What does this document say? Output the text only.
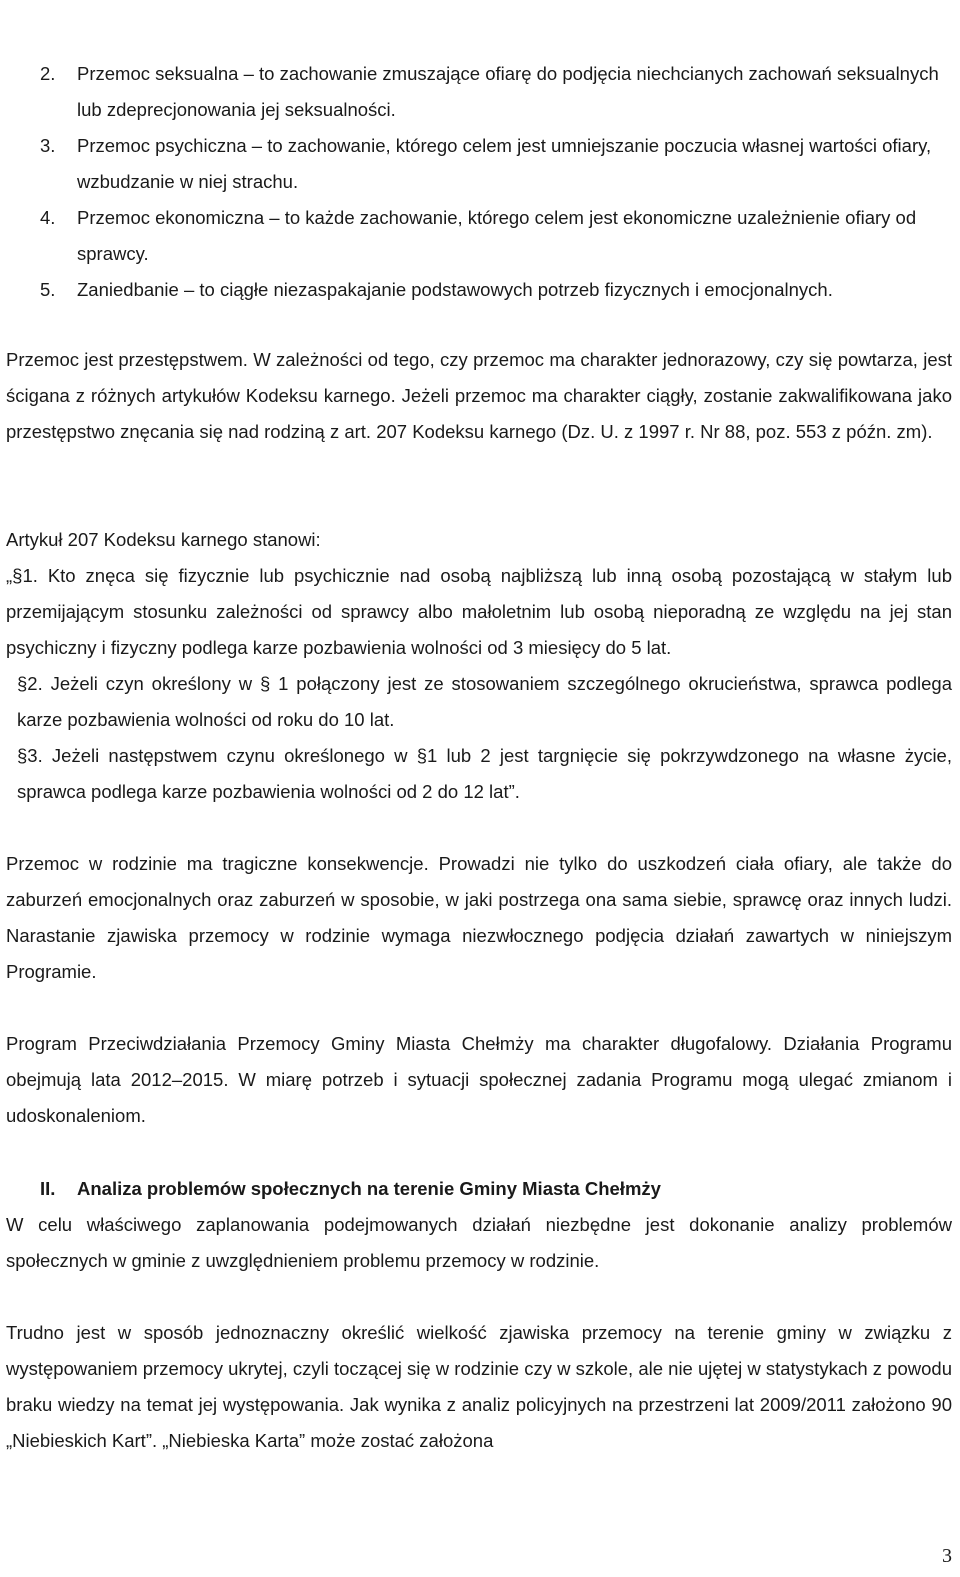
2. Przemoc seksualna – to zachowanie zmuszające ofiarę do podjęcia niechcianych zachowań seksualnych lub zdeprecjonowania jej seksualności.
3. Przemoc psychiczna – to zachowanie, którego celem jest umniejszanie poczucia własnej wartości ofiary, wzbudzanie w niej strachu.
4. Przemoc ekonomiczna – to każde zachowanie, którego celem jest ekonomiczne uzależnienie ofiary od sprawcy.
5. Zaniedbanie – to ciągłe niezaspakajanie podstawowych potrzeb fizycznych i emocjonalnych.

Przemoc jest przestępstwem. W zależności od tego, czy przemoc ma charakter jednorazowy, czy się powtarza, jest ścigana z różnych artykułów Kodeksu karnego. Jeżeli przemoc ma charakter ciągły, zostanie zakwalifikowana jako przestępstwo znęcania się nad rodziną z art. 207 Kodeksu karnego (Dz. U. z 1997 r. Nr 88, poz. 553 z późn. zm).

Artykuł 207 Kodeksu karnego stanowi:

„§1. Kto znęca się fizycznie lub psychicznie nad osobą najbliższą lub inną osobą pozostającą w stałym lub przemijającym stosunku zależności od sprawcy albo małoletnim lub osobą nieporadną ze względu na jej stan psychiczny i fizyczny podlega karze pozbawienia wolności od 3 miesięcy do 5 lat.
§2. Jeżeli czyn określony w § 1 połączony jest ze stosowaniem szczególnego okrucieństwa, sprawca podlega karze pozbawienia wolności od roku do 10 lat.
§3. Jeżeli następstwem czynu określonego w §1 lub 2 jest targnięcie się pokrzywdzonego na własne życie, sprawca podlega karze pozbawienia wolności od 2 do 12 lat”.

Przemoc w rodzinie ma tragiczne konsekwencje. Prowadzi nie tylko do uszkodzeń ciała ofiary, ale także do zaburzeń emocjonalnych oraz zaburzeń w sposobie, w jaki postrzega ona sama siebie, sprawcę oraz innych ludzi. Narastanie zjawiska przemocy w rodzinie wymaga niezwłocznego podjęcia działań zawartych w niniejszym Programie.

Program Przeciwdziałania Przemocy Gminy Miasta Chełmży ma charakter długofalowy. Działania Programu obejmują lata 2012–2015. W miarę potrzeb i sytuacji społecznej zadania Programu mogą ulegać zmianom i udoskonaleniom.

II. Analiza problemów społecznych na terenie Gminy Miasta Chełmży

W celu właściwego zaplanowania podejmowanych działań niezbędne jest dokonanie analizy problemów społecznych w gminie z uwzględnieniem problemu przemocy w rodzinie.

Trudno jest w sposób jednoznaczny określić wielkość zjawiska przemocy na terenie gminy w związku z występowaniem przemocy ukrytej, czyli toczącej się w rodzinie czy w szkole, ale nie ujętej w statystykach z powodu braku wiedzy na temat jej występowania. Jak wynika z analiz policyjnych na przestrzeni lat 2009/2011 założono 90 „Niebieskich Kart”. „Niebieska Karta” może zostać założona

3
